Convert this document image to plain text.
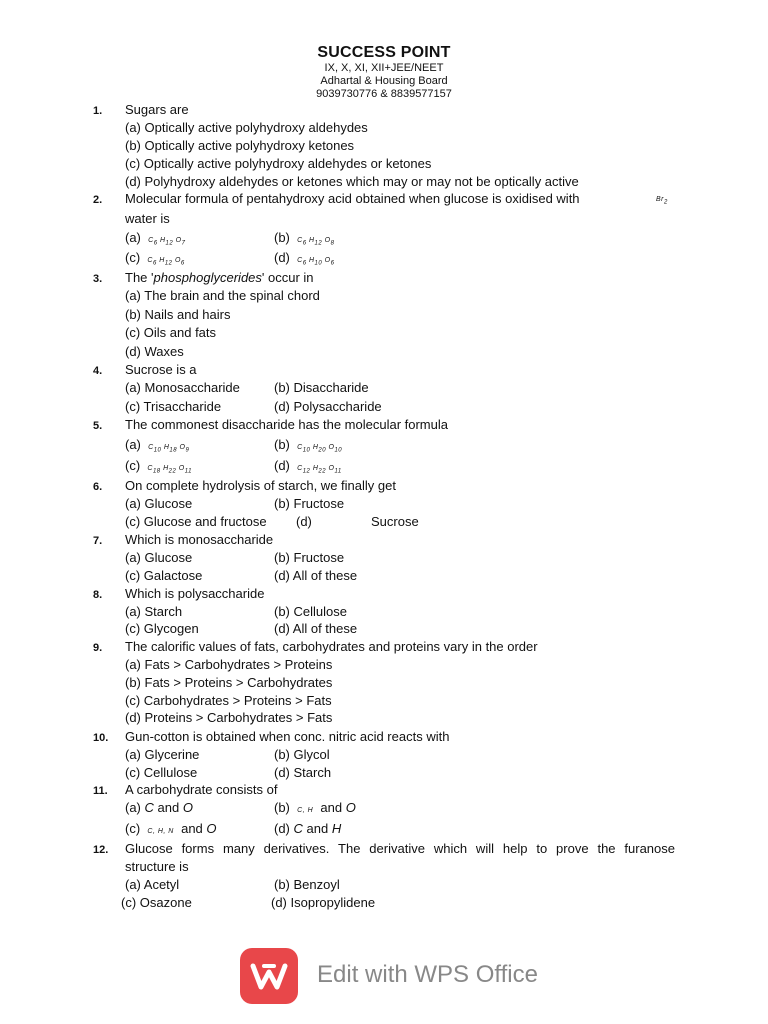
SUCCESS POINT
IX, X, XI, XII+JEE/NEET
Adhartal & Housing Board
9039730776 & 8839577157
1. Sugars are
(a) Optically active polyhydroxy aldehydes
(b) Optically active polyhydroxy ketones
(c) Optically active polyhydroxy aldehydes or ketones
(d) Polyhydroxy aldehydes or ketones which may or may not be optically active
2. Molecular formula of pentahydroxy acid obtained when glucose is oxidised with	$Br_2$
water is
(a) $C_6$ $H_{12}$ $O_7$	(b) $C_6$ $H_{12}$ $O_8$
(c) $C_6$ $H_{12}$ $O_6$	(d) $C_6$ $H_{10}$ $O_6$
3. The 'phosphoglycerides' occur in
(a) The brain and the spinal chord
(b) Nails and hairs
(c) Oils and fats
(d) Waxes
4. Sucrose is a
(a) Monosaccharide	(b) Disaccharide
(c) Trisaccharide	(d) Polysaccharide
5. The commonest disaccharide has the molecular formula
(a) $C_{10}$ $H_{18}$ $O_9$	(b) $C_{10}$ $H_{20}$ $O_{10}$
(c) $C_{18}$ $H_{22}$ $O_{11}$	(d) $C_{12}$ $H_{22}$ $O_{11}$
6. On complete hydrolysis of starch, we finally get
(a) Glucose	(b) Fructose
(c) Glucose and fructose (d)	Sucrose
7. Which is monosaccharide
(a) Glucose	(b) Fructose
(c) Galactose	(d) All of these
8. Which is polysaccharide
(a) Starch	(b) Cellulose
(c) Glycogen	(d) All of these
9. The calorific values of fats, carbohydrates and proteins vary in the order
(a) Fats > Carbohydrates > Proteins
(b) Fats > Proteins > Carbohydrates
(c) Carbohydrates > Proteins > Fats
(d) Proteins > Carbohydrates > Fats
10. Gun-cotton is obtained when conc. nitric acid reacts with
(a) Glycerine	(b) Glycol
(c) Cellulose	(d) Starch
11. A carbohydrate consists of
(a) C and O	(b) C, H and O
(c) C, H, N and O	(d) C and H
12. Glucose forms many derivatives. The derivative which will help to prove the furanose
structure is
(a) Acetyl	(b) Benzoyl
(c) Osazone	(d) Isopropylidene
Edit with WPS Office
